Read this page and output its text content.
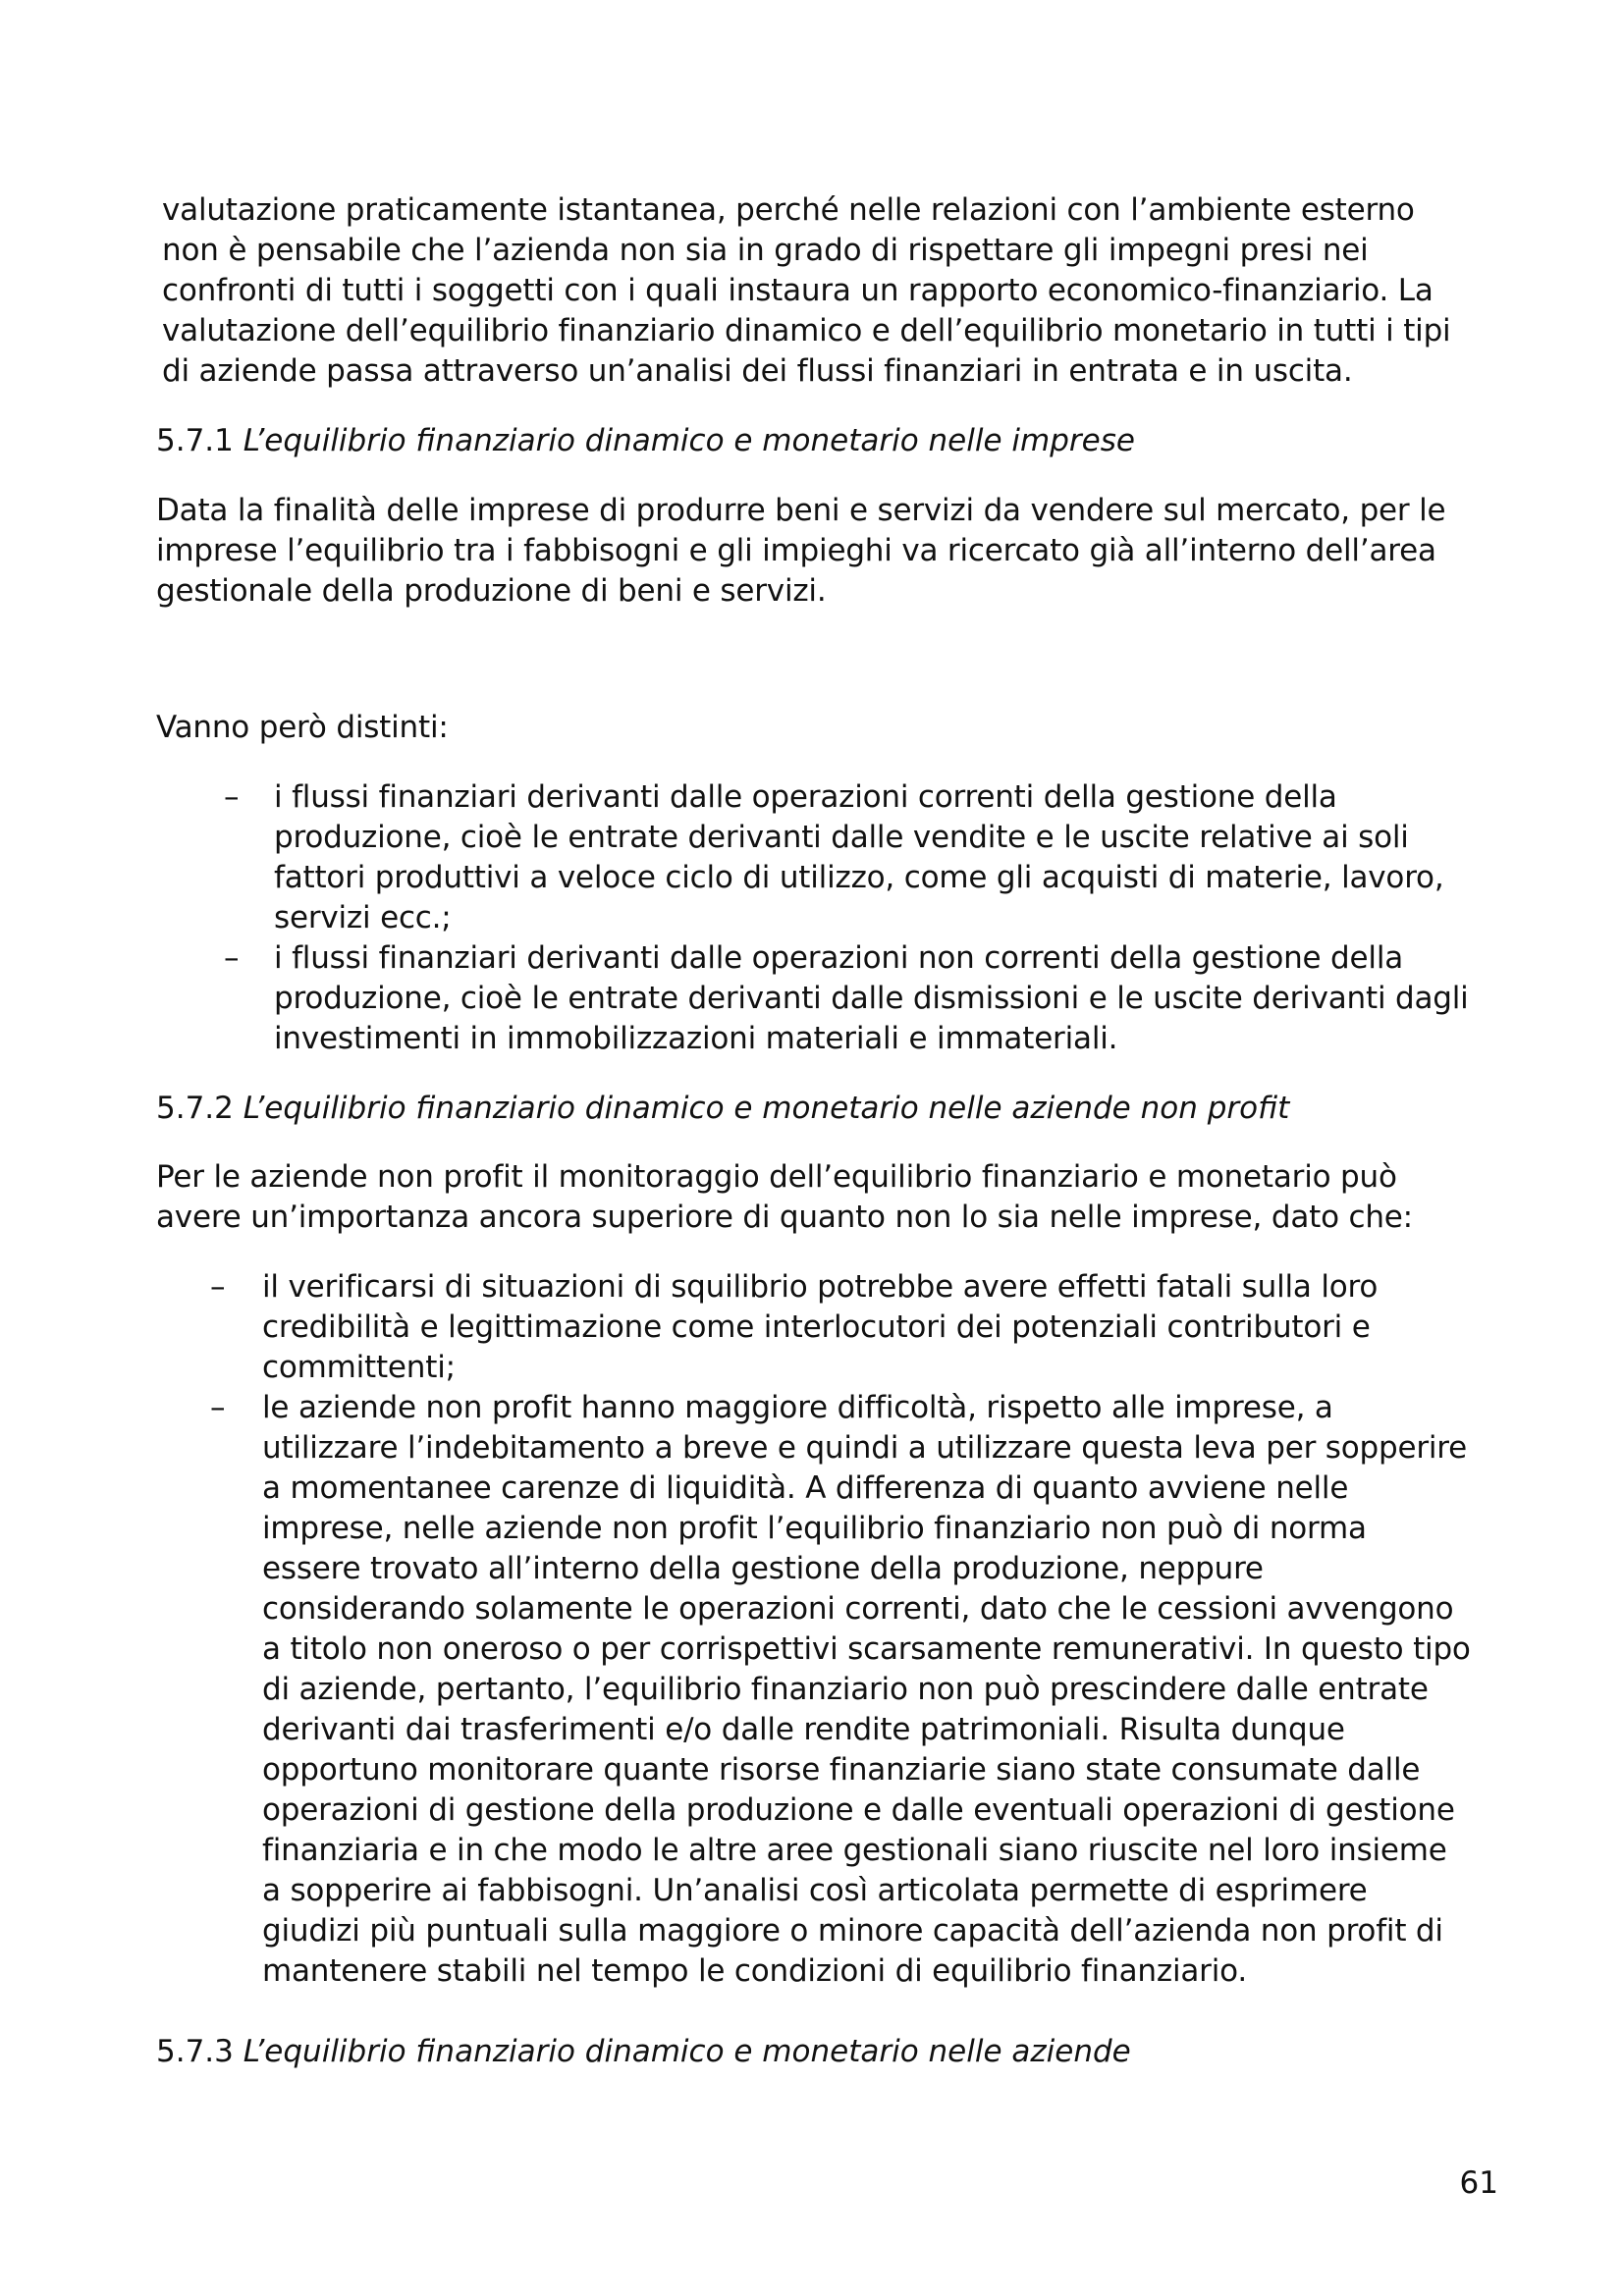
valutazione praticamente istantanea, perché nelle relazioni con l’ambiente esterno
non è pensabile che l’azienda non sia in grado di rispettare gli impegni presi nei
confronti di tutti i soggetti con i quali instaura un rapporto economico-finanziario. La
valutazione dell’equilibrio finanziario dinamico e dell’equilibrio monetario in tutti i tipi
di aziende passa attraverso un’analisi dei flussi finanziari in entrata e in uscita.
5.7.1 L’equilibrio finanziario dinamico e monetario nelle imprese
Data la finalità delle imprese di produrre beni e servizi da vendere sul mercato, per le
imprese l’equilibrio tra i fabbisogni e gli impieghi va ricercato già all’interno dell’area
gestionale della produzione di beni e servizi.
Vanno però distinti:
– i flussi finanziari derivanti dalle operazioni correnti della gestione della
produzione, cioè le entrate derivanti dalle vendite e le uscite relative ai soli
fattori produttivi a veloce ciclo di utilizzo, come gli acquisti di materie, lavoro,
servizi ecc.;
– i flussi finanziari derivanti dalle operazioni non correnti della gestione della
produzione, cioè le entrate derivanti dalle dismissioni e le uscite derivanti dagli
investimenti in immobilizzazioni materiali e immateriali.
5.7.2 L’equilibrio finanziario dinamico e monetario nelle aziende non profit
Per le aziende non profit il monitoraggio dell’equilibrio finanziario e monetario può
avere un’importanza ancora superiore di quanto non lo sia nelle imprese, dato che:
– il verificarsi di situazioni di squilibrio potrebbe avere effetti fatali sulla loro
credibilità e legittimazione come interlocutori dei potenziali contributori e
committenti;
– le aziende non profit hanno maggiore difficoltà, rispetto alle imprese, a
utilizzare l’indebitamento a breve e quindi a utilizzare questa leva per sopperire
a momentanee carenze di liquidità. A differenza di quanto avviene nelle
imprese, nelle aziende non profit l’equilibrio finanziario non può di norma
essere trovato all’interno della gestione della produzione, neppure
considerando solamente le operazioni correnti, dato che le cessioni avvengono
a titolo non oneroso o per corrispettivi scarsamente remunerativi. In questo tipo
di aziende, pertanto, l’equilibrio finanziario non può prescindere dalle entrate
derivanti dai trasferimenti e/o dalle rendite patrimoniali. Risulta dunque
opportuno monitorare quante risorse finanziarie siano state consumate dalle
operazioni di gestione della produzione e dalle eventuali operazioni di gestione
finanziaria e in che modo le altre aree gestionali siano riuscite nel loro insieme
a sopperire ai fabbisogni. Un’analisi così articolata permette di esprimere
giudizi più puntuali sulla maggiore o minore capacità dell’azienda non profit di
mantenere stabili nel tempo le condizioni di equilibrio finanziario.
5.7.3 L’equilibrio finanziario dinamico e monetario nelle aziende
61
